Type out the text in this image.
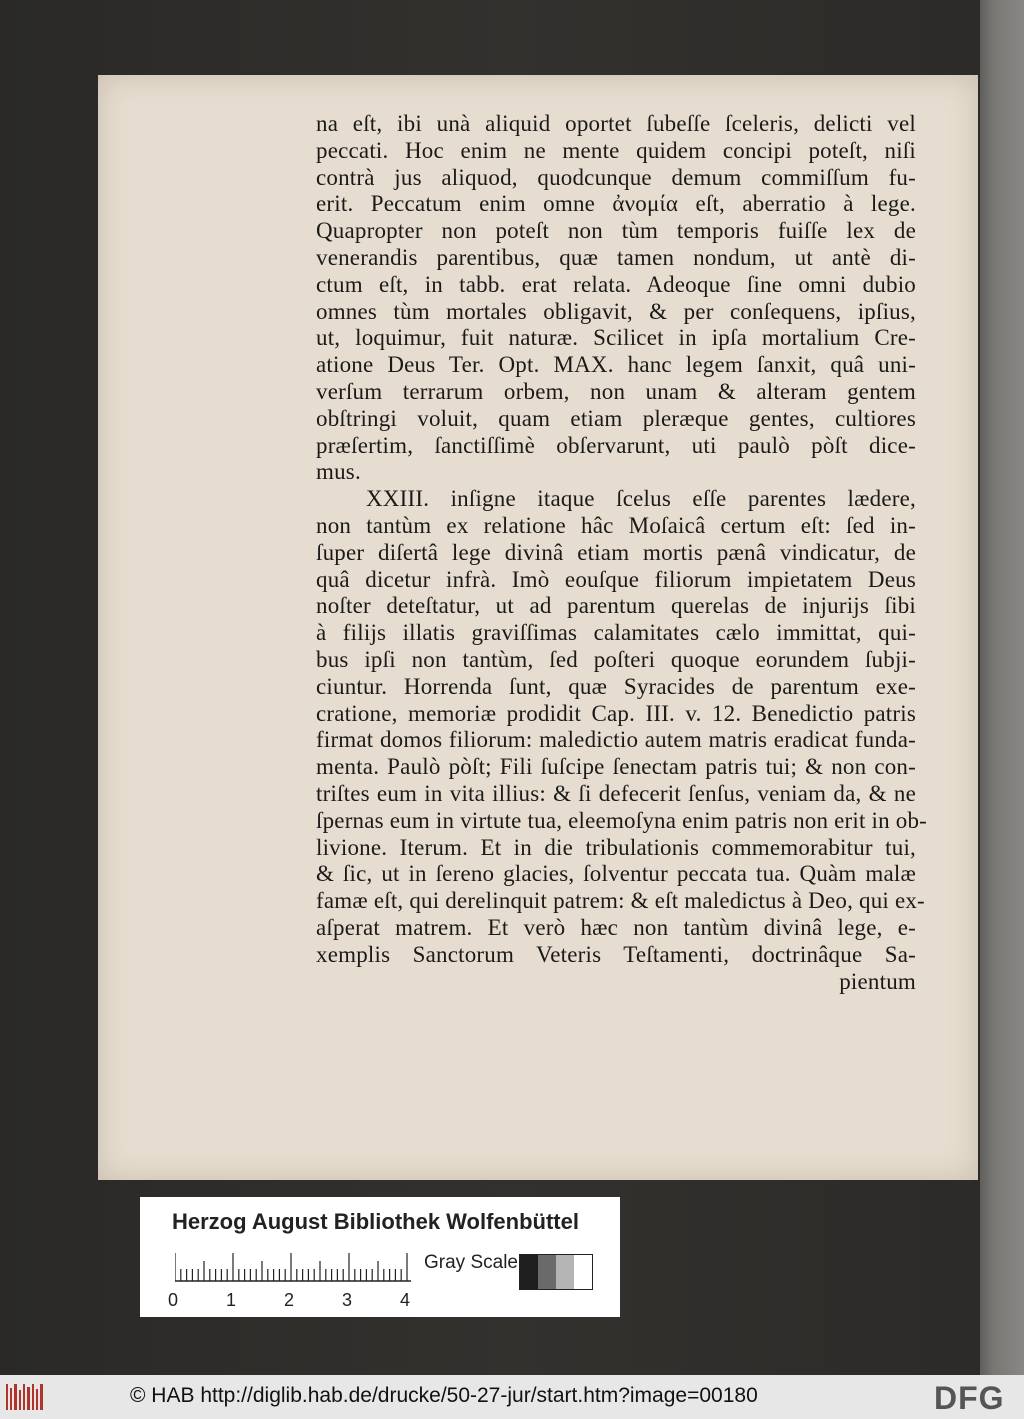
na eſt, ibi unà aliquid oportet ſubeſſe ſceleris, delicti vel
peccati. Hoc enim ne mente quidem concipi poteſt, niſi
contrà jus aliquod, quodcunque demum commiſſum fu-
erit. Peccatum enim omne ἀνομία eſt, aberratio à lege.
Quapropter non poteſt non tùm temporis fuiſſe lex de
venerandis parentibus, quæ tamen nondum, ut antè di-
ctum eſt, in tabb. erat relata. Adeoque ſine omni dubio
omnes tùm mortales obligavit, & per conſequens, ipſius,
ut, loquimur, fuit naturæ. Scilicet in ipſa mortalium Cre-
atione Deus Ter. Opt. MAX. hanc legem ſanxit, quâ uni-
verſum terrarum orbem, non unam & alteram gentem
obſtringi voluit, quam etiam pleræque gentes, cultiores
præſertim, ſanctiſſimè obſervarunt, uti paulò pòſt dice-
mus.
XXIII. inſigne itaque ſcelus eſſe parentes lædere,
non tantùm ex relatione hâc Moſaicâ certum eſt: ſed in-
ſuper diſertâ lege divinâ etiam mortis pænâ vindicatur, de
quâ dicetur infrà. Imò eouſque filiorum impietatem Deus
noſter deteſtatur, ut ad parentum querelas de injurijs ſibi
à filijs illatis graviſſimas calamitates cælo immittat, qui-
bus ipſi non tantùm, ſed poſteri quoque eorundem ſubji-
ciuntur. Horrenda ſunt, quæ Syracides de parentum exe-
cratione, memoriæ prodidit Cap. III. v. 12. Benedictio patris
firmat domos filiorum: maledictio autem matris eradicat funda-
menta. Paulò pòſt; Fili ſuſcipe ſenectam patris tui; & non con-
triſtes eum in vita illius: & ſi defecerit ſenſus, veniam da, & ne
ſpernas eum in virtute tua, eleemoſyna enim patris non erit in ob-
livione. Iterum. Et in die tribulationis commemorabitur tui,
& ſic, ut in ſereno glacies, ſolventur peccata tua. Quàm malæ
famæ eſt, qui derelinquit patrem: & eſt maledictus à Deo, qui ex-
aſperat matrem. Et verò hæc non tantùm divinâ lege, e-
xemplis Sanctorum Veteris Teſtamenti, doctrinâque Sa-
pientum
Herzog August Bibliothek Wolfenbüttel
0	1	2	3	4
Gray Scale
© HAB http://diglib.hab.de/drucke/50-27-jur/start.htm?image=00180	DFG
